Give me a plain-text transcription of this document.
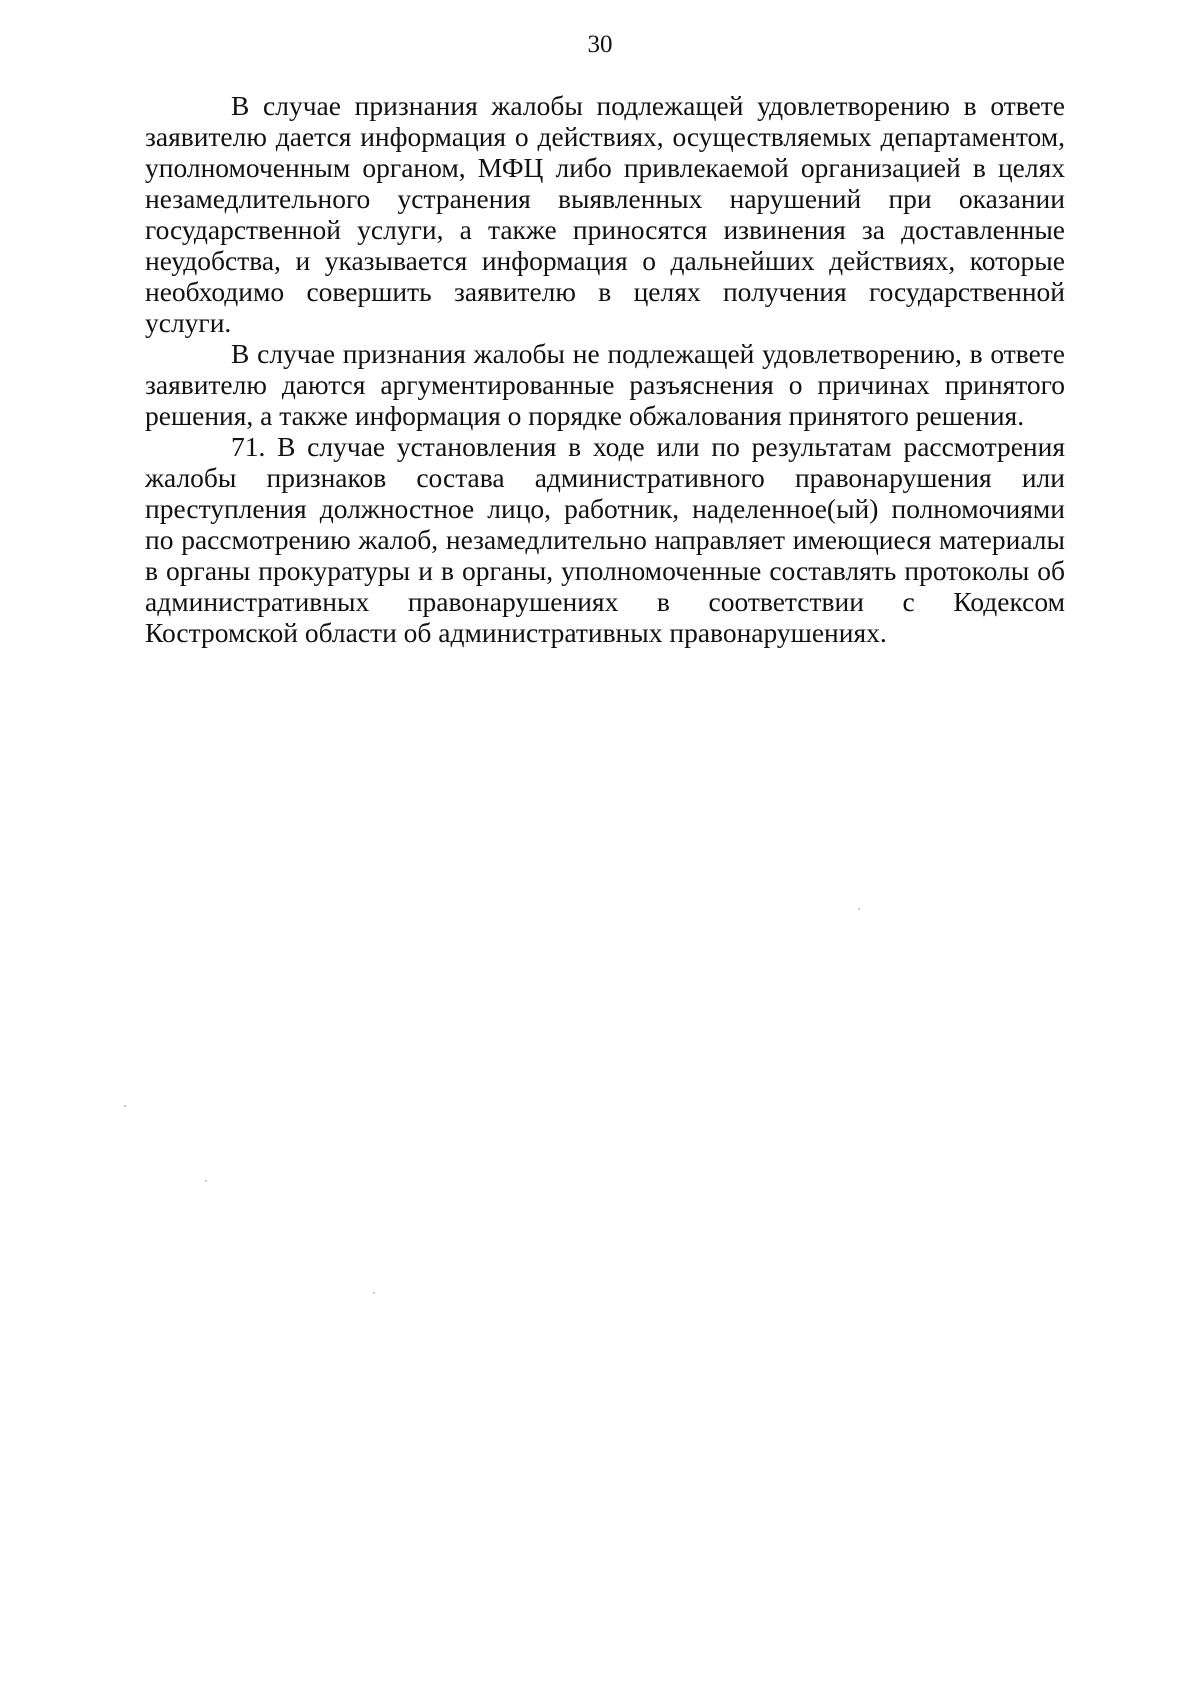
30

В случае признания жалобы подлежащей удовлетворению в ответе заявителю дается информация о действиях, осуществляемых департаментом, уполномоченным органом, МФЦ либо привлекаемой организацией в целях незамедлительного устранения выявленных нарушений при оказании государственной услуги, а также приносятся извинения за доставленные неудобства, и указывается информация о дальнейших действиях, которые необходимо совершить заявителю в целях получения государственной услуги.

В случае признания жалобы не подлежащей удовлетворению, в ответе заявителю даются аргументированные разъяснения о причинах принятого решения, а также информация о порядке обжалования принятого решения.

71. В случае установления в ходе или по результатам рассмотрения жалобы признаков состава административного правонарушения или преступления должностное лицо, работник, наделенное(ый) полномочиями по рассмотрению жалоб, незамедлительно направляет имеющиеся материалы в органы прокуратуры и в органы, уполномоченные составлять протоколы об административных правонарушениях в соответствии с Кодексом Костромской области об административных правонарушениях.
